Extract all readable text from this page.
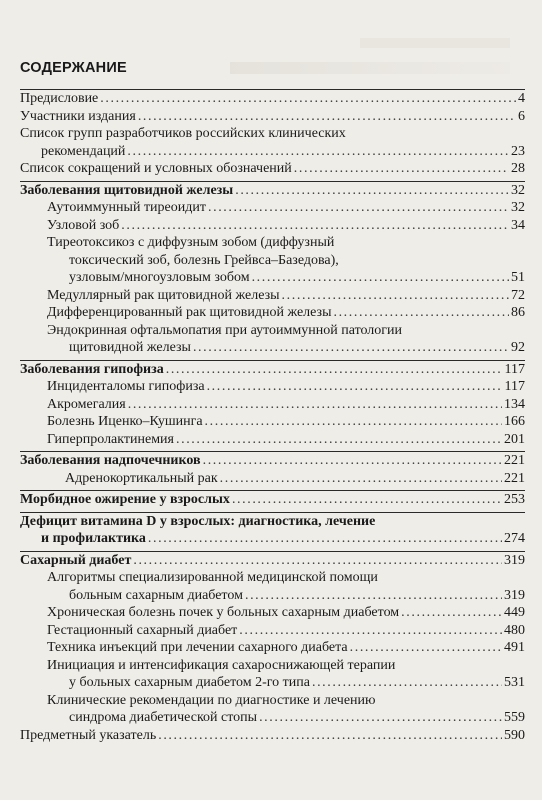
СОДЕРЖАНИЕ
Предисловие .....	4
Участники издания .....	6
Список групп разработчиков российских клинических
рекомендаций .....	23
Список сокращений и условных обозначений .....	28
Заболевания щитовидной железы .....	32
Аутоиммунный тиреоидит .....	32
Узловой зоб .....	34
Тиреотоксикоз с диффузным зобом (диффузный
токсический зоб, болезнь Грейвса–Базедова),
узловым/многоузловым зобом .....	51
Медуллярный рак щитовидной железы .....	72
Дифференцированный рак щитовидной железы .....	86
Эндокринная офтальмопатия при аутоиммунной патологии
щитовидной железы .....	92
Заболевания гипофиза .....	117
Инциденталомы гипофиза .....	117
Акромегалия .....	134
Болезнь Иценко–Кушинга .....	166
Гиперпролактинемия .....	201
Заболевания надпочечников .....	221
Адренокортикальный рак .....	221
Морбидное ожирение у взрослых .....	253
Дефицит витамина D у взрослых: диагностика, лечение
и профилактика .....	274
Сахарный диабет .....	319
Алгоритмы специализированной медицинской помощи
больным сахарным диабетом .....	319
Хроническая болезнь почек у больных сахарным диабетом .....	449
Гестационный сахарный диабет .....	480
Техника инъекций при лечении сахарного диабета .....	491
Инициация и интенсификация сахароснижающей терапии
у больных сахарным диабетом 2-го типа .....	531
Клинические рекомендации по диагностике и лечению
синдрома диабетической стопы .....	559
Предметный указатель .....	590
